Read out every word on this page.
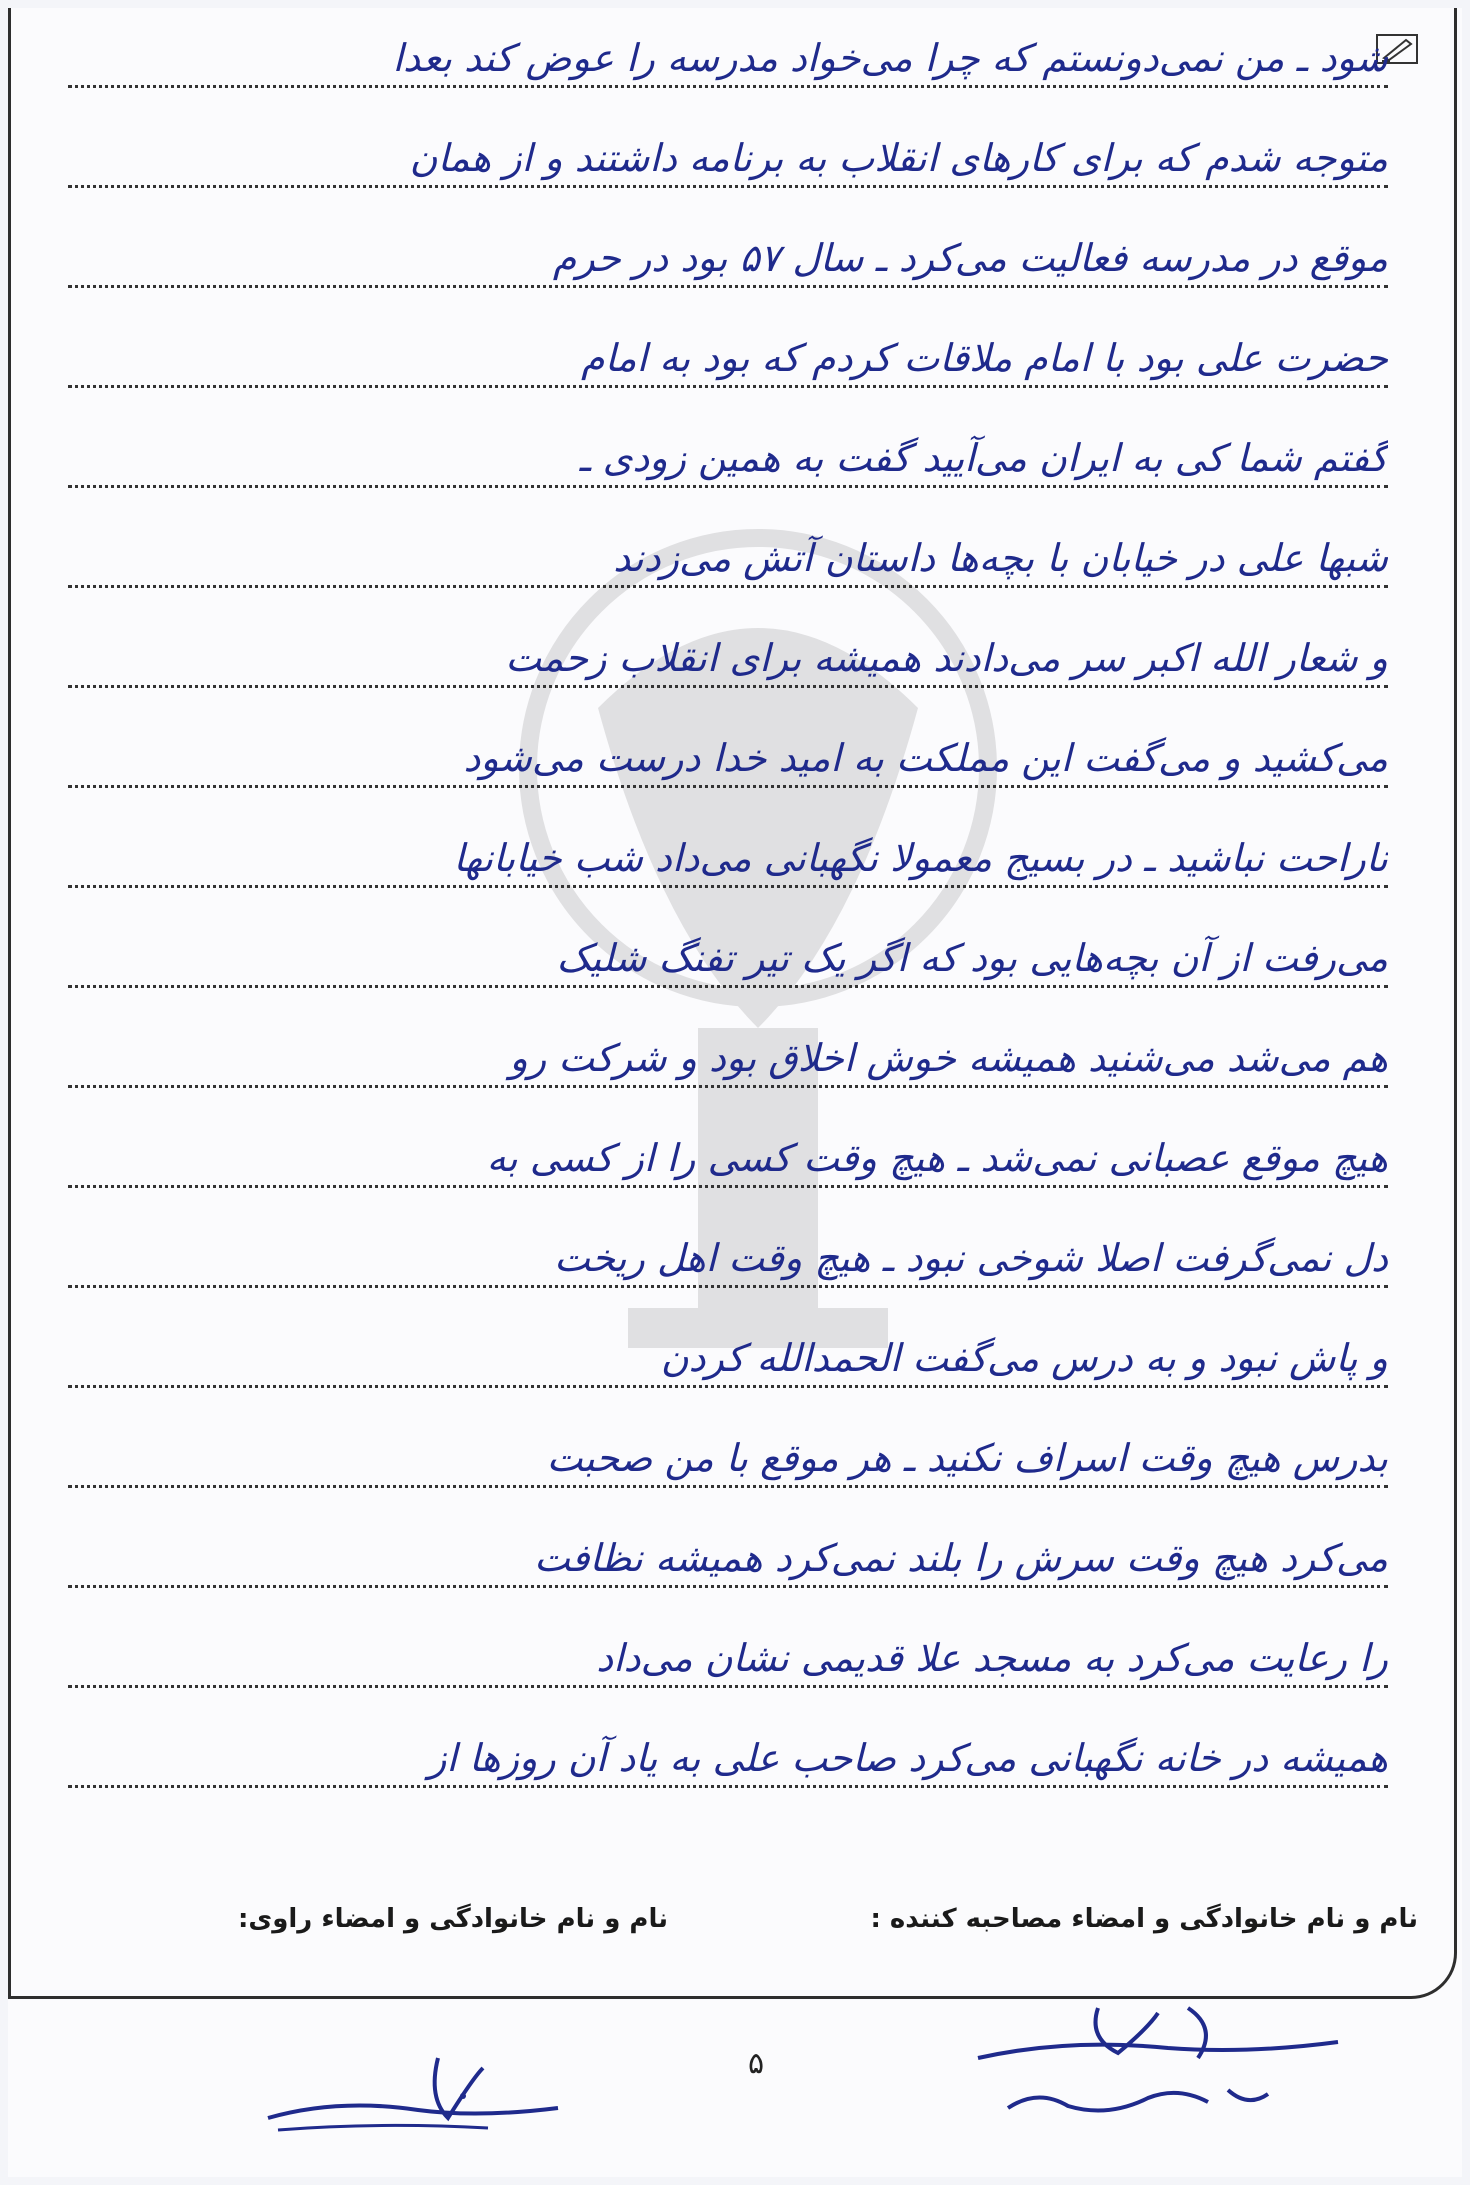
شود ـ من نمی‌دونستم که چرا می‌خواد مدرسه را عوض کند بعدا
متوجه شدم که برای کارهای انقلاب به برنامه داشتند و از همان
موقع در مدرسه فعالیت می‌کرد ـ سال ۵۷ بود در حرم
حضرت علی بود با امام ملاقات کردم که بود به امام
گفتم شما کی به ایران می‌آیید گفت به همین زودی ـ
شبها علی در خیابان با بچه‌ها داستان آتش می‌زدند
و شعار الله اکبر سر می‌دادند همیشه برای انقلاب زحمت
می‌کشید و می‌گفت این مملکت به امید خدا درست می‌شود
ناراحت نباشید ـ در بسیج معمولا نگهبانی می‌داد شب خیابانها
می‌رفت از آن بچه‌هایی بود که اگر یک تیر تفنگ شلیک
هم می‌شد می‌شنید همیشه خوش اخلاق بود و شرکت رو
هیچ موقع عصبانی نمی‌شد ـ هیچ وقت کسی را از کسی به
دل نمی‌گرفت اصلا شوخی نبود ـ هیچ وقت اهل ریخت
و پاش نبود و به درس می‌گفت الحمدالله کردن
بدرس هیچ وقت اسراف نکنید ـ هر موقع با من صحبت
می‌کرد هیچ وقت سرش را بلند نمی‌کرد همیشه نظافت
را رعایت می‌کرد به مسجد علا قدیمی نشان می‌داد
همیشه در خانه نگهبانی می‌کرد صاحب علی به یاد آن روزها از
نام و نام خانوادگی و امضاء مصاحبه کننده :
نام و نام خانوادگی و امضاء راوی:
۵
